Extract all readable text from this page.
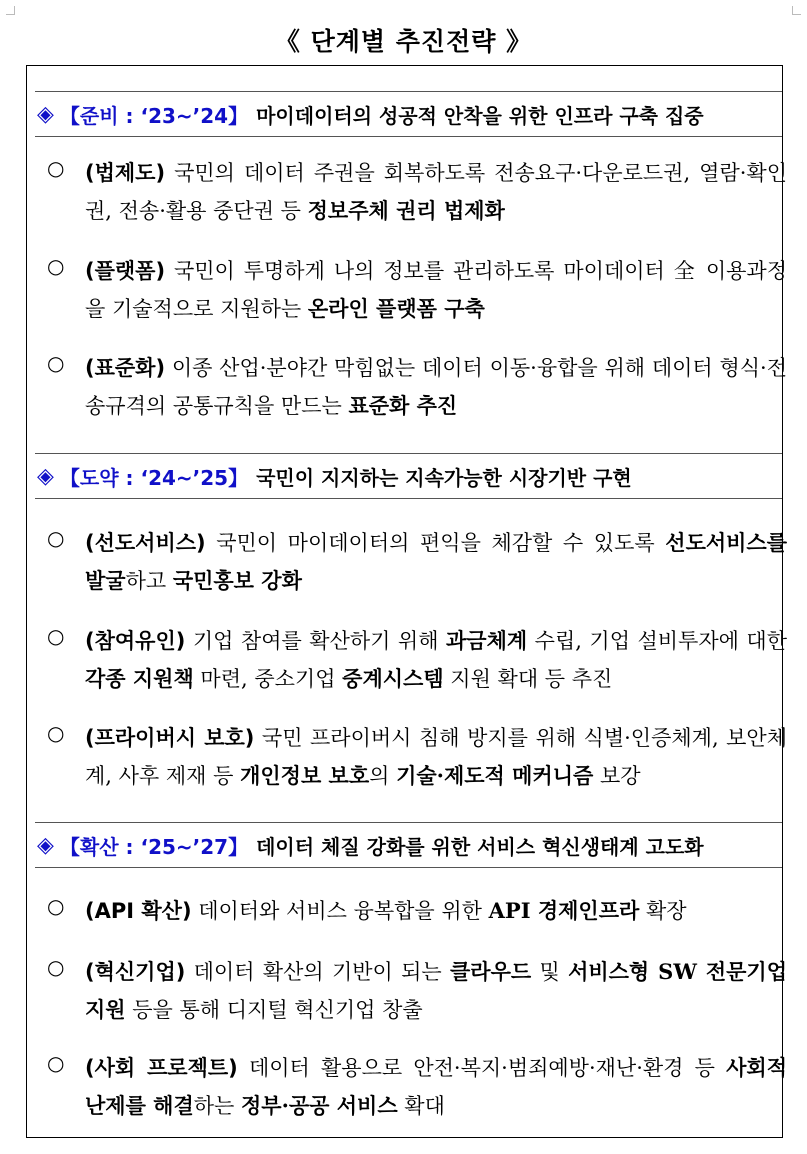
《 단계별 추진전략 》
◈ 【준비 : ‘23~’24】 마이데이터의 성공적 안착을 위한 인프라 구축 집중
○ (법제도) 국민의 데이터 주권을 회복하도록 전송요구·다운로드권, 열람·확인권, 전송·활용 중단권 등 정보주체 권리 법제화
○ (플랫폼) 국민이 투명하게 나의 정보를 관리하도록 마이데이터 全 이용과정을 기술적으로 지원하는 온라인 플랫폼 구축
○ (표준화) 이종 산업·분야간 막힘없는 데이터 이동·융합을 위해 데이터 형식·전송규격의 공통규칙을 만드는 표준화 추진
◈ 【도약 : ‘24~’25】 국민이 지지하는 지속가능한 시장기반 구현
○ (선도서비스) 국민이 마이데이터의 편익을 체감할 수 있도록 선도서비스를 발굴하고 국민홍보 강화
○ (참여유인) 기업 참여를 확산하기 위해 과금체계 수립, 기업 설비투자에 대한 각종 지원책 마련, 중소기업 중계시스템 지원 확대 등 추진
○ (프라이버시 보호) 국민 프라이버시 침해 방지를 위해 식별·인증체계, 보안체계, 사후 제재 등 개인정보 보호의 기술·제도적 메커니즘 보강
◈ 【확산 : ‘25~’27】 데이터 체질 강화를 위한 서비스 혁신생태계 고도화
○ (API 확산) 데이터와 서비스 융복합을 위한 API 경제인프라 확장
○ (혁신기업) 데이터 확산의 기반이 되는 클라우드 및 서비스형 SW 전문기업 지원 등을 통해 디지털 혁신기업 창출
○ (사회 프로젝트) 데이터 활용으로 안전·복지·범죄예방·재난·환경 등 사회적 난제를 해결하는 정부·공공 서비스 확대
